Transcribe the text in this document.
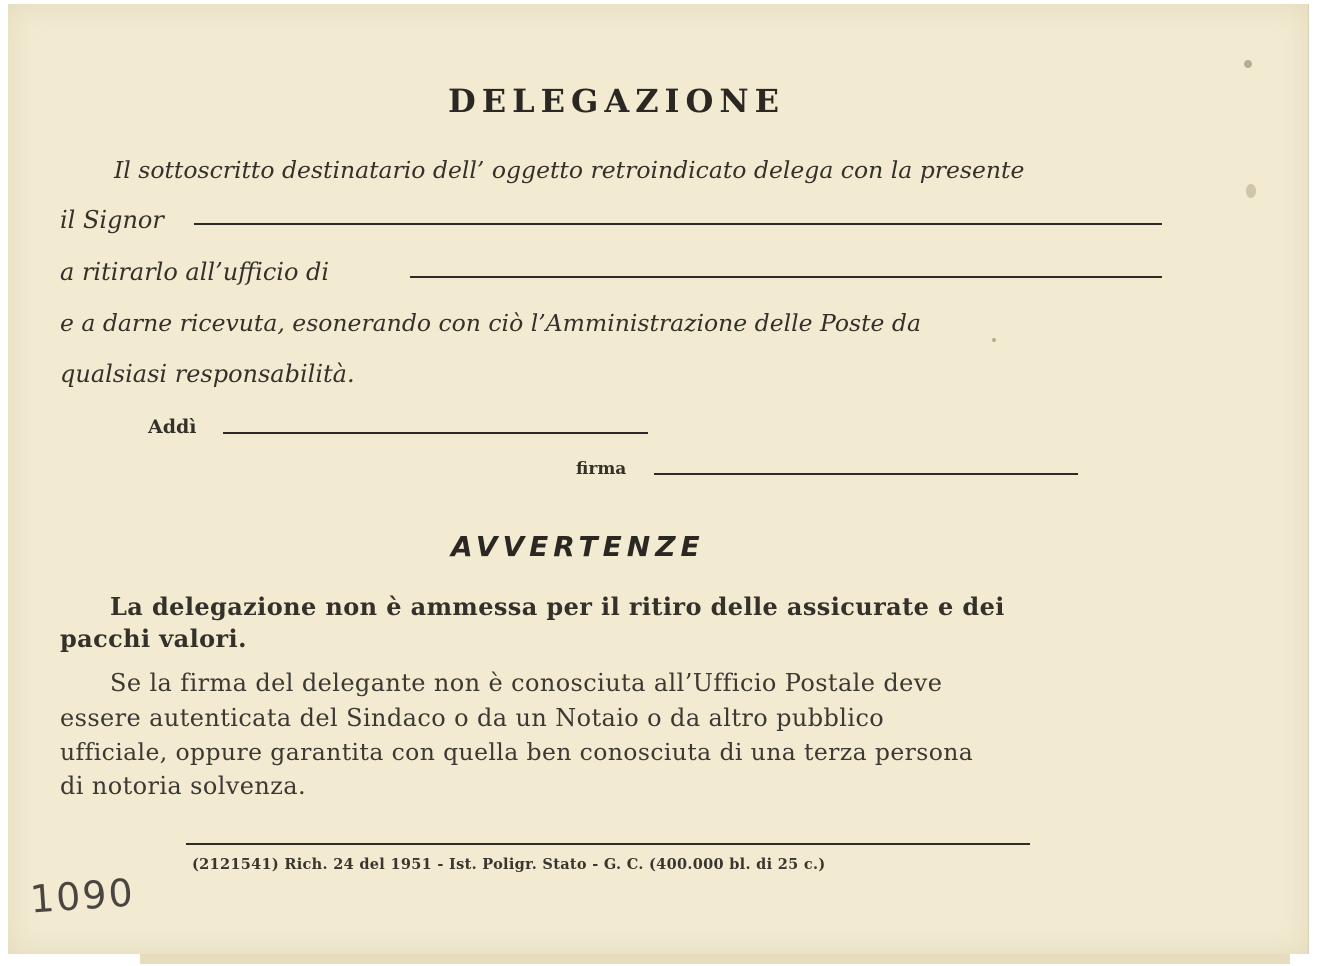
DELEGAZIONE
Il sottoscritto destinatario dell’ oggetto retroindicato delega con la presente
il Signor
a ritirarlo all’ufficio di
e a darne ricevuta, esonerando con ciò l’Amministrazione delle Poste da
qualsiasi responsabilità.
Addì
firma
AVVERTENZE
La delegazione non è ammessa per il ritiro delle assicurate e dei
pacchi valori.
Se la firma del delegante non è conosciuta all’Ufficio Postale deve
essere autenticata del Sindaco o da un Notaio o da altro pubblico
ufficiale, oppure garantita con quella ben conosciuta di una terza persona
di notoria solvenza.
(2121541) Rich. 24 del 1951 - Ist. Poligr. Stato - G. C. (400.000 bl. di 25 c.)
1090
